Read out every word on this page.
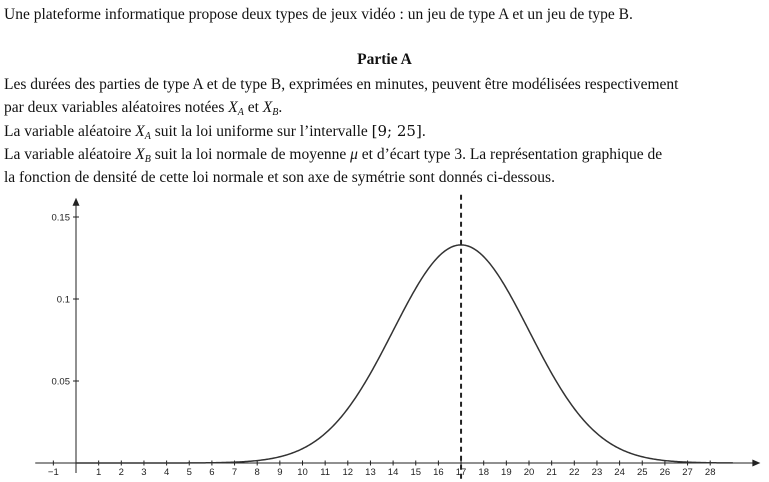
Une plateforme informatique propose deux types de jeux vidéo : un jeu de type A et un jeu de type B.
Partie A
Les durées des parties de type A et de type B, exprimées en minutes, peuvent être modélisées respectivement
par deux variables aléatoires notées $X_A$ et $X_B$.
La variable aléatoire $X_A$ suit la loi uniforme sur l’intervalle [9; 25].
La variable aléatoire $X_B$ suit la loi normale de moyenne μ et d’écart type 3. La représentation graphique de
la fonction de densité de cette loi normale et son axe de symétrie sont donnés ci-dessous.
−1	1 2 3 4 5 6 7 8 9 10 11 12 13 14 15 16 17 18 19 20 21 22 23 24 25 26 27 28
0.05
0.1
0.15
